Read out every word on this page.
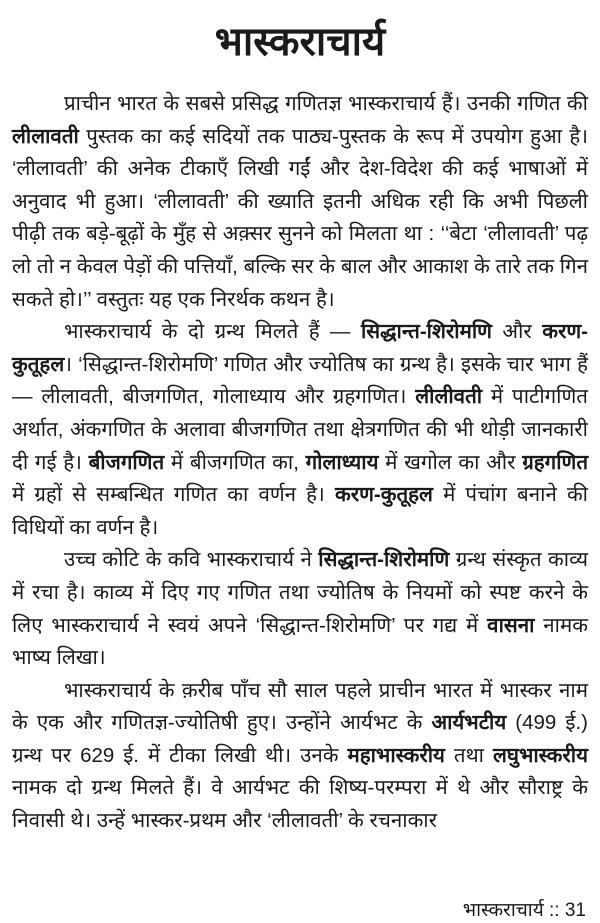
भास्कराचार्य

प्राचीन भारत के सबसे प्रसिद्ध गणितज्ञ भास्कराचार्य हैं। उनकी गणित की लीलावती पुस्तक का कई सदियों तक पाठ्य-पुस्तक के रूप में उपयोग हुआ है। ‘लीलावती’ की अनेक टीकाएँ लिखी गईं और देश-विदेश की कई भाषाओं में अनुवाद भी हुआ। ‘लीलावती’ की ख्याति इतनी अधिक रही कि अभी पिछली पीढ़ी तक बड़े-बूढ़ों के मुँह से अक़्सर सुनने को मिलता था : ‘‘बेटा ‘लीलावती’ पढ़ लो तो न केवल पेड़ों की पत्तियाँ, बल्कि सर के बाल और आकाश के तारे तक गिन सकते हो।’’ वस्तुतः यह एक निरर्थक कथन है।

भास्कराचार्य के दो ग्रन्थ मिलते हैं — सिद्धान्त-शिरोमणि और करण-कुतूहल। ‘सिद्धान्त-शिरोमणि’ गणित और ज्योतिष का ग्रन्थ है। इसके चार भाग हैं — लीलावती, बीजगणित, गोलाध्याय और ग्रहगणित। लीलीवती में पाटीगणित अर्थात, अंकगणित के अलावा बीजगणित तथा क्षेत्रगणित की भी थोड़ी जानकारी दी गई है। बीजगणित में बीजगणित का, गोलाध्याय में खगोल का और ग्रहगणित में ग्रहों से सम्बन्धित गणित का वर्णन है। करण-कुतूहल में पंचांग बनाने की विधियों का वर्णन है।

उच्च कोटि के कवि भास्कराचार्य ने सिद्धान्त-शिरोमणि ग्रन्थ संस्कृत काव्य में रचा है। काव्य में दिए गए गणित तथा ज्योतिष के नियमों को स्पष्ट करने के लिए भास्कराचार्य ने स्वयं अपने ‘सिद्धान्त-शिरोमणि’ पर गद्य में वासना नामक भाष्य लिखा।

भास्कराचार्य के क़रीब पाँच सौ साल पहले प्राचीन भारत में भास्कर नाम के एक और गणितज्ञ-ज्योतिषी हुए। उन्होंने आर्यभट के आर्यभटीय (499 ई.) ग्रन्थ पर 629 ई. में टीका लिखी थी। उनके महाभास्करीय तथा लघुभास्करीय नामक दो ग्रन्थ मिलते हैं। वे आर्यभट की शिष्य-परम्परा में थे और सौराष्ट्र के निवासी थे। उन्हें भास्कर-प्रथम और ‘लीलावती’ के रचनाकार

भास्कराचार्य :: 31
